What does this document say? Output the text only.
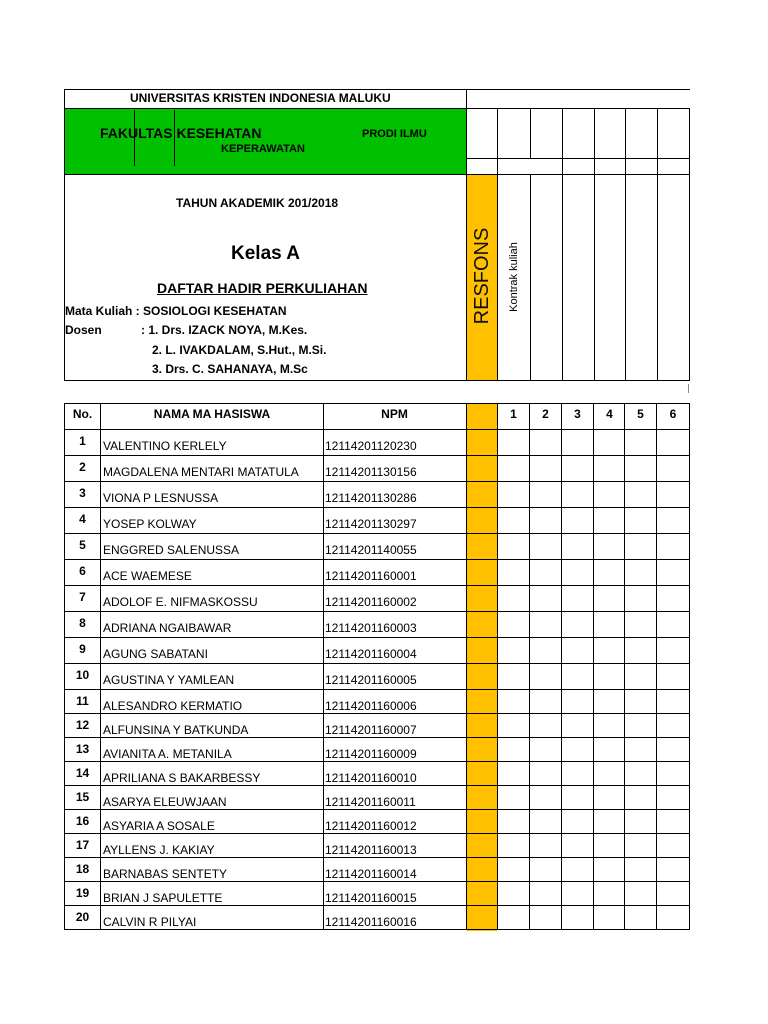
UNIVERSITAS KRISTEN INDONESIA MALUKU
FAKULTAS KESEHATAN	PRODI ILMU
KEPERAWATAN
TAHUN AKADEMIK 201/2018
Kelas A
DAFTAR HADIR PERKULIAHAN
Mata Kuliah : SOSIOLOGI KESEHATAN
Dosen	: 1. Drs. IZACK NOYA, M.Kes.
2. L. IVAKDALAM, S.Hut., M.Si.
3. Drs. C. SAHANAYA, M.Sc
RESFONS Kontrak kuliah
No.	NAMA MA HASISWA	NPM	1	2	3	4	5	6
1	VALENTINO KERLELY	12114201120230
2	MAGDALENA MENTARI MATATULA 12114201130156
3	VIONA P LESNUSSA	12114201130286
4	YOSEP KOLWAY	12114201130297
5	ENGGRED SALENUSSA	12114201140055
6	ACE WAEMESE	12114201160001
7	ADOLOF E. NIFMASKOSSU	12114201160002
8	ADRIANA NGAIBAWAR	12114201160003
9	AGUNG SABATANI	12114201160004
10	AGUSTINA Y YAMLEAN	12114201160005
11	ALESANDRO KERMATIO	12114201160006
12	ALFUNSINA Y BATKUNDA	12114201160007
13	AVIANITA A. METANILA	12114201160009
14	APRILIANA S BAKARBESSY	12114201160010
15	ASARYA ELEUWJAAN	12114201160011
16	ASYARIA A SOSALE	12114201160012
17	AYLLENS J. KAKIAY	12114201160013
18	BARNABAS SENTETY	12114201160014
19	BRIAN J SAPULETTE	12114201160015
20	CALVIN R PILYAI	12114201160016
